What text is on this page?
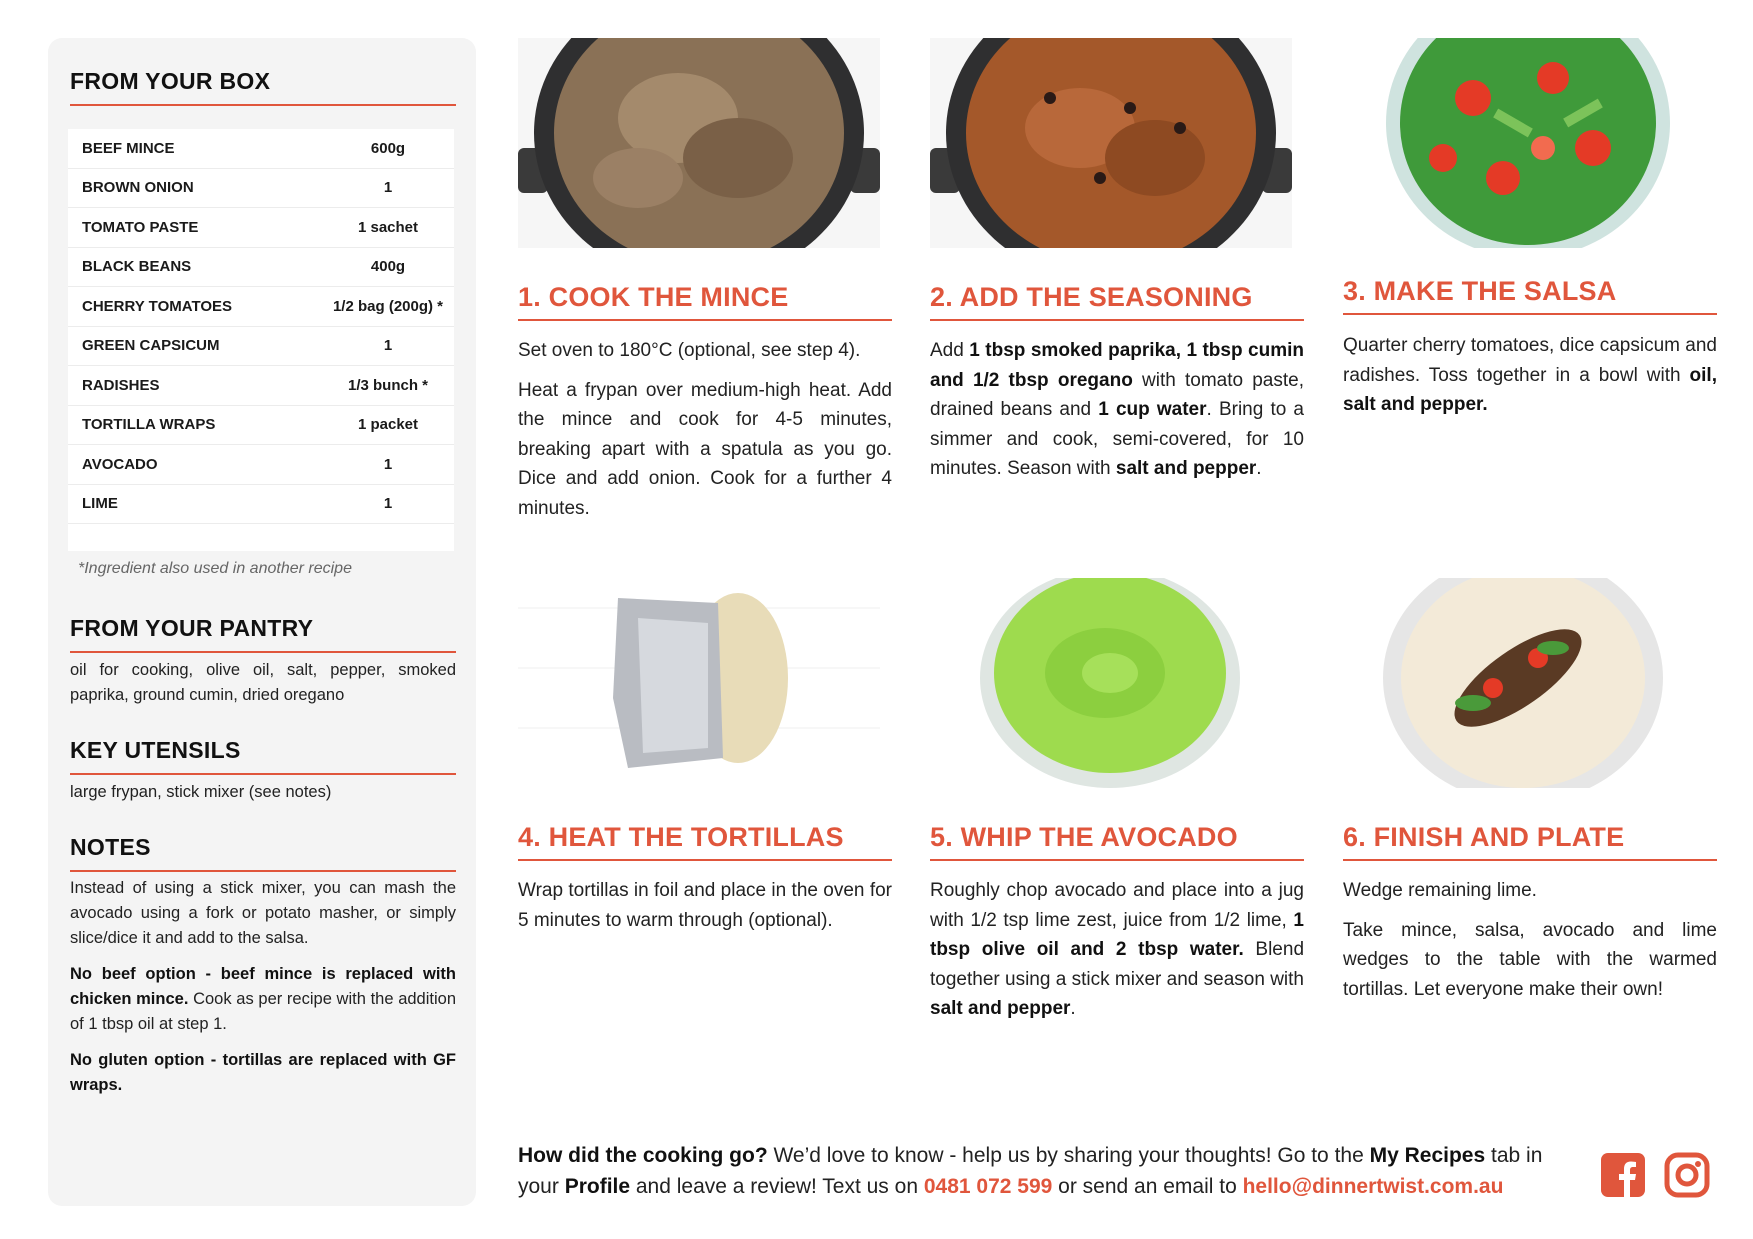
FROM YOUR BOX
BEEF MINCE	600g
BROWN ONION	1
TOMATO PASTE	1 sachet
BLACK BEANS	400g
CHERRY TOMATOES	1/2 bag (200g) *
GREEN CAPSICUM	1
RADISHES	1/3 bunch *
TORTILLA WRAPS	1 packet
AVOCADO	1
LIME	1
*Ingredient also used in another recipe
FROM YOUR PANTRY

oil for cooking, olive oil, salt, pepper, smoked paprika, ground cumin, dried oregano

KEY UTENSILS

large frypan, stick mixer (see notes)

NOTES

Instead of using a stick mixer, you can mash the avocado using a fork or potato masher, or simply slice/dice it and add to the salsa.

No beef option - beef mince is replaced with chicken mince. Cook as per recipe with the addition of 1 tbsp oil at step 1.

No gluten option - tortillas are replaced with GF wraps.

1. COOK THE MINCE

Set oven to 180°C (optional, see step 4).

Heat a frypan over medium-high heat. Add the mince and cook for 4-5 minutes, breaking apart with a spatula as you go. Dice and add onion. Cook for a further 4 minutes.

2. ADD THE SEASONING

Add 1 tbsp smoked paprika, 1 tbsp cumin and 1/2 tbsp oregano with tomato paste, drained beans and 1 cup water. Bring to a simmer and cook, semi-covered, for 10 minutes. Season with salt and pepper.

3. MAKE THE SALSA

Quarter cherry tomatoes, dice capsicum and radishes. Toss together in a bowl with oil, salt and pepper.

4. HEAT THE TORTILLAS

Wrap tortillas in foil and place in the oven for 5 minutes to warm through (optional).

5. WHIP THE AVOCADO

Roughly chop avocado and place into a jug with 1/2 tsp lime zest, juice from 1/2 lime, 1 tbsp olive oil and 2 tbsp water. Blend together using a stick mixer and season with salt and pepper.

6. FINISH AND PLATE

Wedge remaining lime.

Take mince, salsa, avocado and lime wedges to the table with the warmed tortillas. Let everyone make their own!

How did the cooking go? We’d love to know - help us by sharing your thoughts! Go to the My Recipes tab in your Profile and leave a review! Text us on 0481 072 599 or send an email to hello@dinnertwist.com.au
